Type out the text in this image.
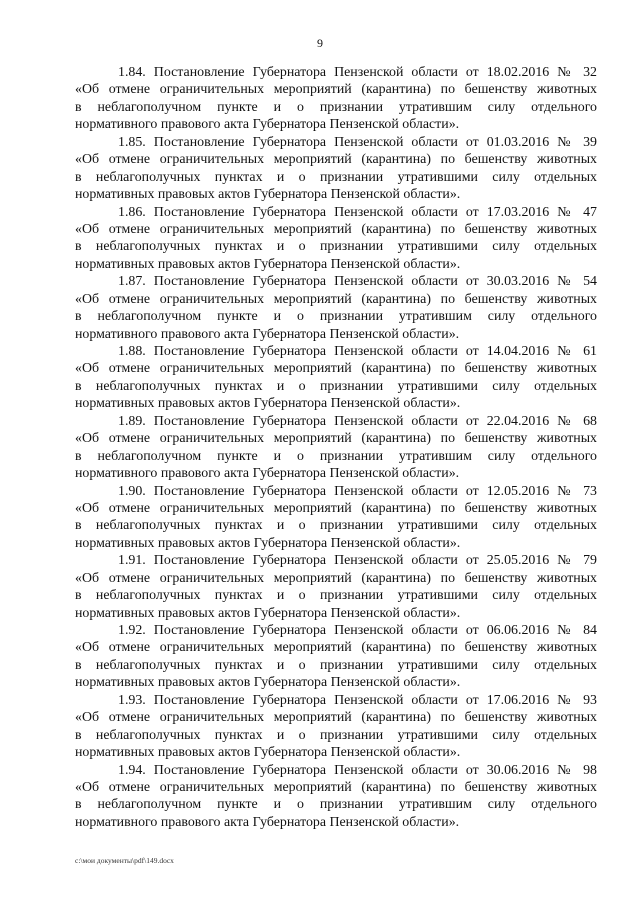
9
1.84. Постановление Губернатора Пензенской области от 18.02.2016 № 32
«Об отмене ограничительных мероприятий (карантина) по бешенству животных
в неблагополучном пункте и о признании утратившим силу отдельного
нормативного правового акта Губернатора Пензенской области».
1.85. Постановление Губернатора Пензенской области от 01.03.2016 № 39
«Об отмене ограничительных мероприятий (карантина) по бешенству животных
в неблагополучных пунктах и о признании утратившими силу отдельных
нормативных правовых актов Губернатора Пензенской области».
1.86. Постановление Губернатора Пензенской области от 17.03.2016 № 47
«Об отмене ограничительных мероприятий (карантина) по бешенству животных
в неблагополучных пунктах и о признании утратившими силу отдельных
нормативных правовых актов Губернатора Пензенской области».
1.87. Постановление Губернатора Пензенской области от 30.03.2016 № 54
«Об отмене ограничительных мероприятий (карантина) по бешенству животных
в неблагополучном пункте и о признании утратившим силу отдельного
нормативного правового акта Губернатора Пензенской области».
1.88. Постановление Губернатора Пензенской области от 14.04.2016 № 61
«Об отмене ограничительных мероприятий (карантина) по бешенству животных
в неблагополучных пунктах и о признании утратившими силу отдельных
нормативных правовых актов Губернатора Пензенской области».
1.89. Постановление Губернатора Пензенской области от 22.04.2016 № 68
«Об отмене ограничительных мероприятий (карантина) по бешенству животных
в неблагополучном пункте и о признании утратившим силу отдельного
нормативного правового акта Губернатора Пензенской области».
1.90. Постановление Губернатора Пензенской области от 12.05.2016 № 73
«Об отмене ограничительных мероприятий (карантина) по бешенству животных
в неблагополучных пунктах и о признании утратившими силу отдельных
нормативных правовых актов Губернатора Пензенской области».
1.91. Постановление Губернатора Пензенской области от 25.05.2016 № 79
«Об отмене ограничительных мероприятий (карантина) по бешенству животных
в неблагополучных пунктах и о признании утратившими силу отдельных
нормативных правовых актов Губернатора Пензенской области».
1.92. Постановление Губернатора Пензенской области от 06.06.2016 № 84
«Об отмене ограничительных мероприятий (карантина) по бешенству животных
в неблагополучных пунктах и о признании утратившими силу отдельных
нормативных правовых актов Губернатора Пензенской области».
1.93. Постановление Губернатора Пензенской области от 17.06.2016 № 93
«Об отмене ограничительных мероприятий (карантина) по бешенству животных
в неблагополучных пунктах и о признании утратившими силу отдельных
нормативных правовых актов Губернатора Пензенской области».
1.94. Постановление Губернатора Пензенской области от 30.06.2016 № 98
«Об отмене ограничительных мероприятий (карантина) по бешенству животных
в неблагополучном пункте и о признании утратившим силу отдельного
нормативного правового акта Губернатора Пензенской области».
c:\мои документы\pdf\149.docx
